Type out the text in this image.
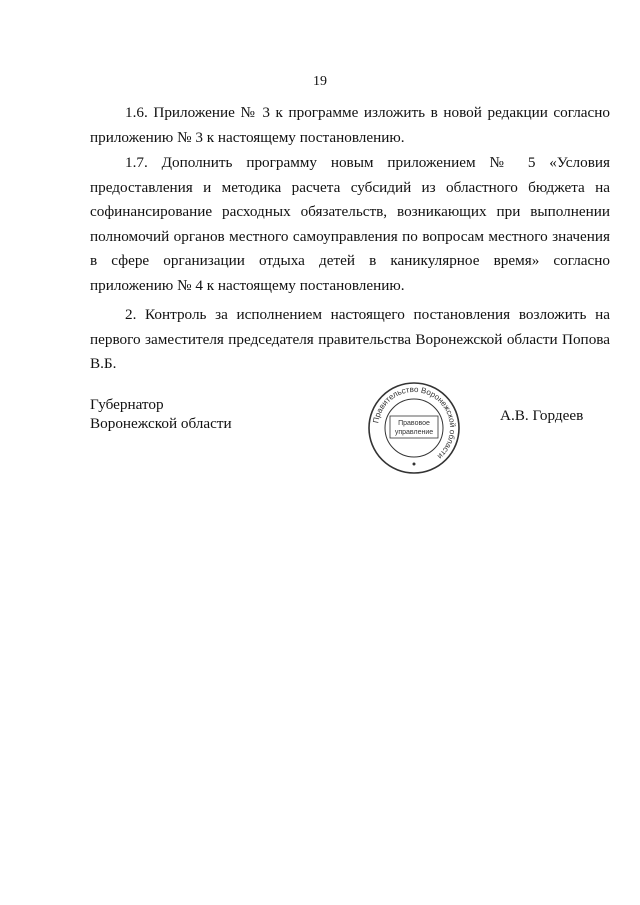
19
1.6. Приложение № 3 к программе изложить в новой редакции согласно приложению № 3 к настоящему постановлению.
1.7. Дополнить программу новым приложением № 5 «Условия предоставления и методика расчета субсидий из областного бюджета на софинансирование расходных обязательств, возникающих при выполнении полномочий органов местного самоуправления по вопросам местного значения в сфере организации отдыха детей в каникулярное время» согласно приложению № 4 к настоящему постановлению.
2. Контроль за исполнением настоящего постановления возложить на первого заместителя председателя правительства Воронежской области Попова В.Б.
Губернатор
Воронежской области	Правительство Воронежской области
Правовое
управление
А.В. Гордеев
